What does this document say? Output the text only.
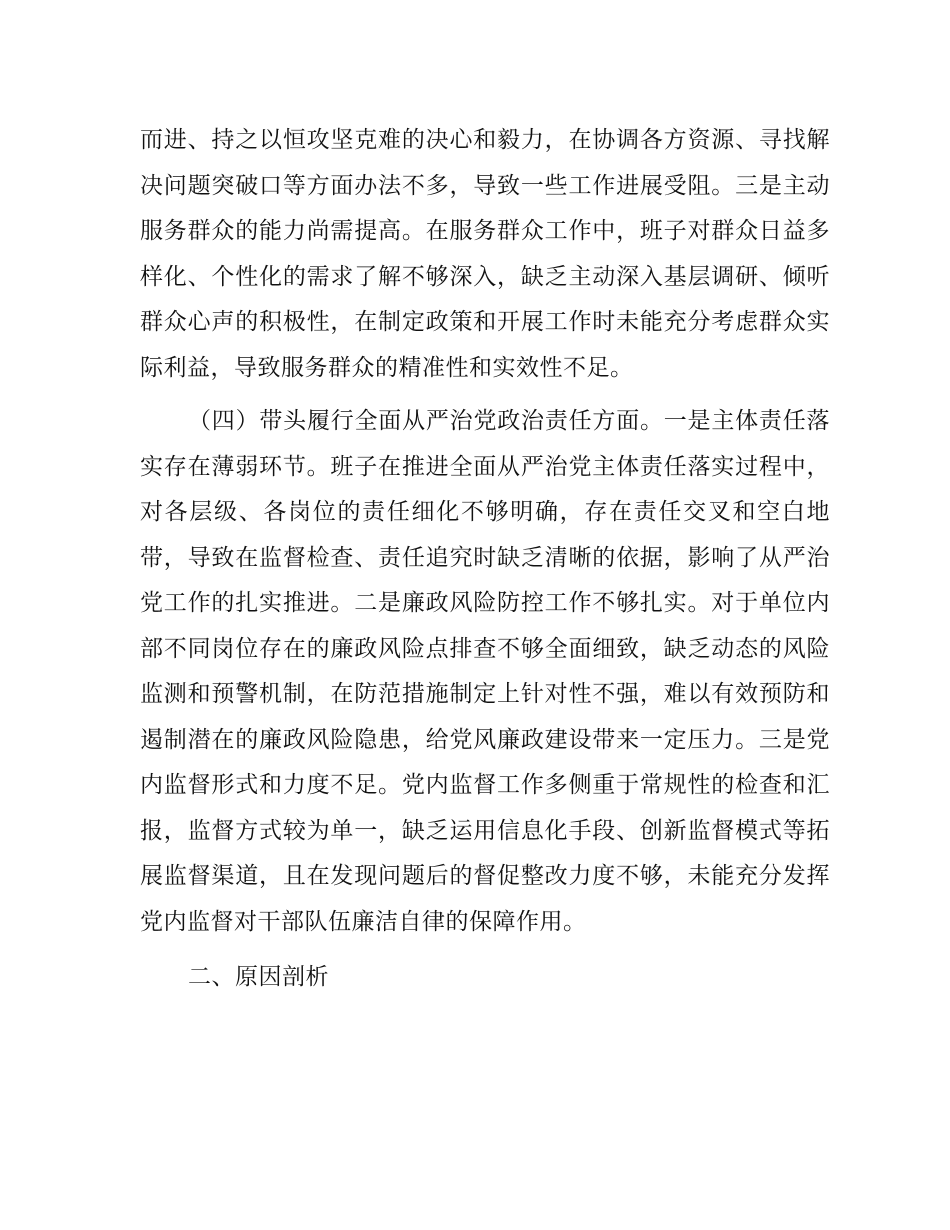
而进、持之以恒攻坚克难的决心和毅力，在协调各方资源、寻找解决问题突破口等方面办法不多，导致一些工作进展受阻。三是主动服务群众的能力尚需提高。在服务群众工作中，班子对群众日益多样化、个性化的需求了解不够深入，缺乏主动深入基层调研、倾听群众心声的积极性，在制定政策和开展工作时未能充分考虑群众实际利益，导致服务群众的精准性和实效性不足。

（四）带头履行全面从严治党政治责任方面。一是主体责任落实存在薄弱环节。班子在推进全面从严治党主体责任落实过程中，对各层级、各岗位的责任细化不够明确，存在责任交叉和空白地带，导致在监督检查、责任追究时缺乏清晰的依据，影响了从严治党工作的扎实推进。二是廉政风险防控工作不够扎实。对于单位内部不同岗位存在的廉政风险点排查不够全面细致，缺乏动态的风险监测和预警机制，在防范措施制定上针对性不强，难以有效预防和遏制潜在的廉政风险隐患，给党风廉政建设带来一定压力。三是党内监督形式和力度不足。党内监督工作多侧重于常规性的检查和汇报，监督方式较为单一，缺乏运用信息化手段、创新监督模式等拓展监督渠道，且在发现问题后的督促整改力度不够，未能充分发挥党内监督对干部队伍廉洁自律的保障作用。

二、原因剖析
